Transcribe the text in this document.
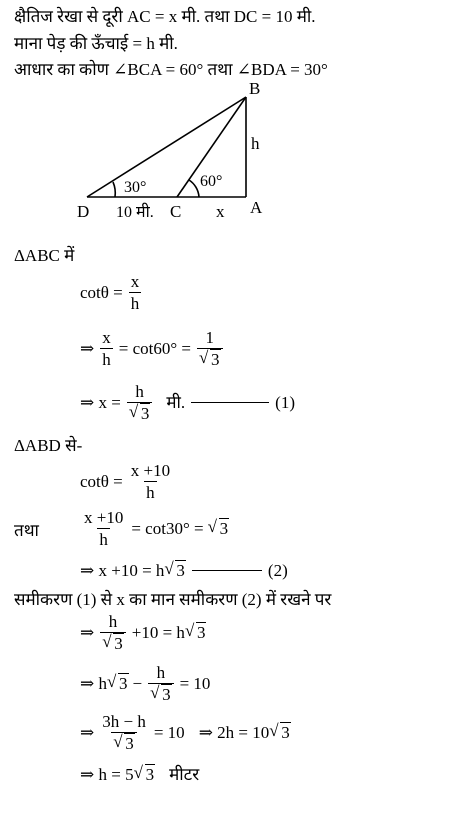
क्षैतिज रेखा से दूरी AC = x मी. तथा DC = 10 मी.
माना पेड़ की ऊँचाई = h मी.
आधार का कोण ∠BCA = 60° तथा ∠BDA = 30°
B
h
30°	60°
D 10 मी. C x A
ΔABC में
$\cot\theta = \frac{x}{h}$
⇒ $\frac{x}{h} = \cot 60^\circ = 1$
√ 3
⇒ x = h
√ 3 मी.	(1)
ΔABD से-
$\cot\theta = \frac{x +10}{h}$
तथा	$\frac{x +10}{h} = \cot 30^\circ$ = √ 3
⇒ x +10 = h √ 3	(2)
समीकरण (1) से x का मान समीकरण (2) में रखने पर
⇒ h
√ 3 +10 = h √ 3
⇒ h √ 3 − h
√ 3 = 10
⇒ 3h − h
√ 3 = 10 ⇒ 2h = 10 √ 3
⇒ h = 5 √ 3 मीटर
